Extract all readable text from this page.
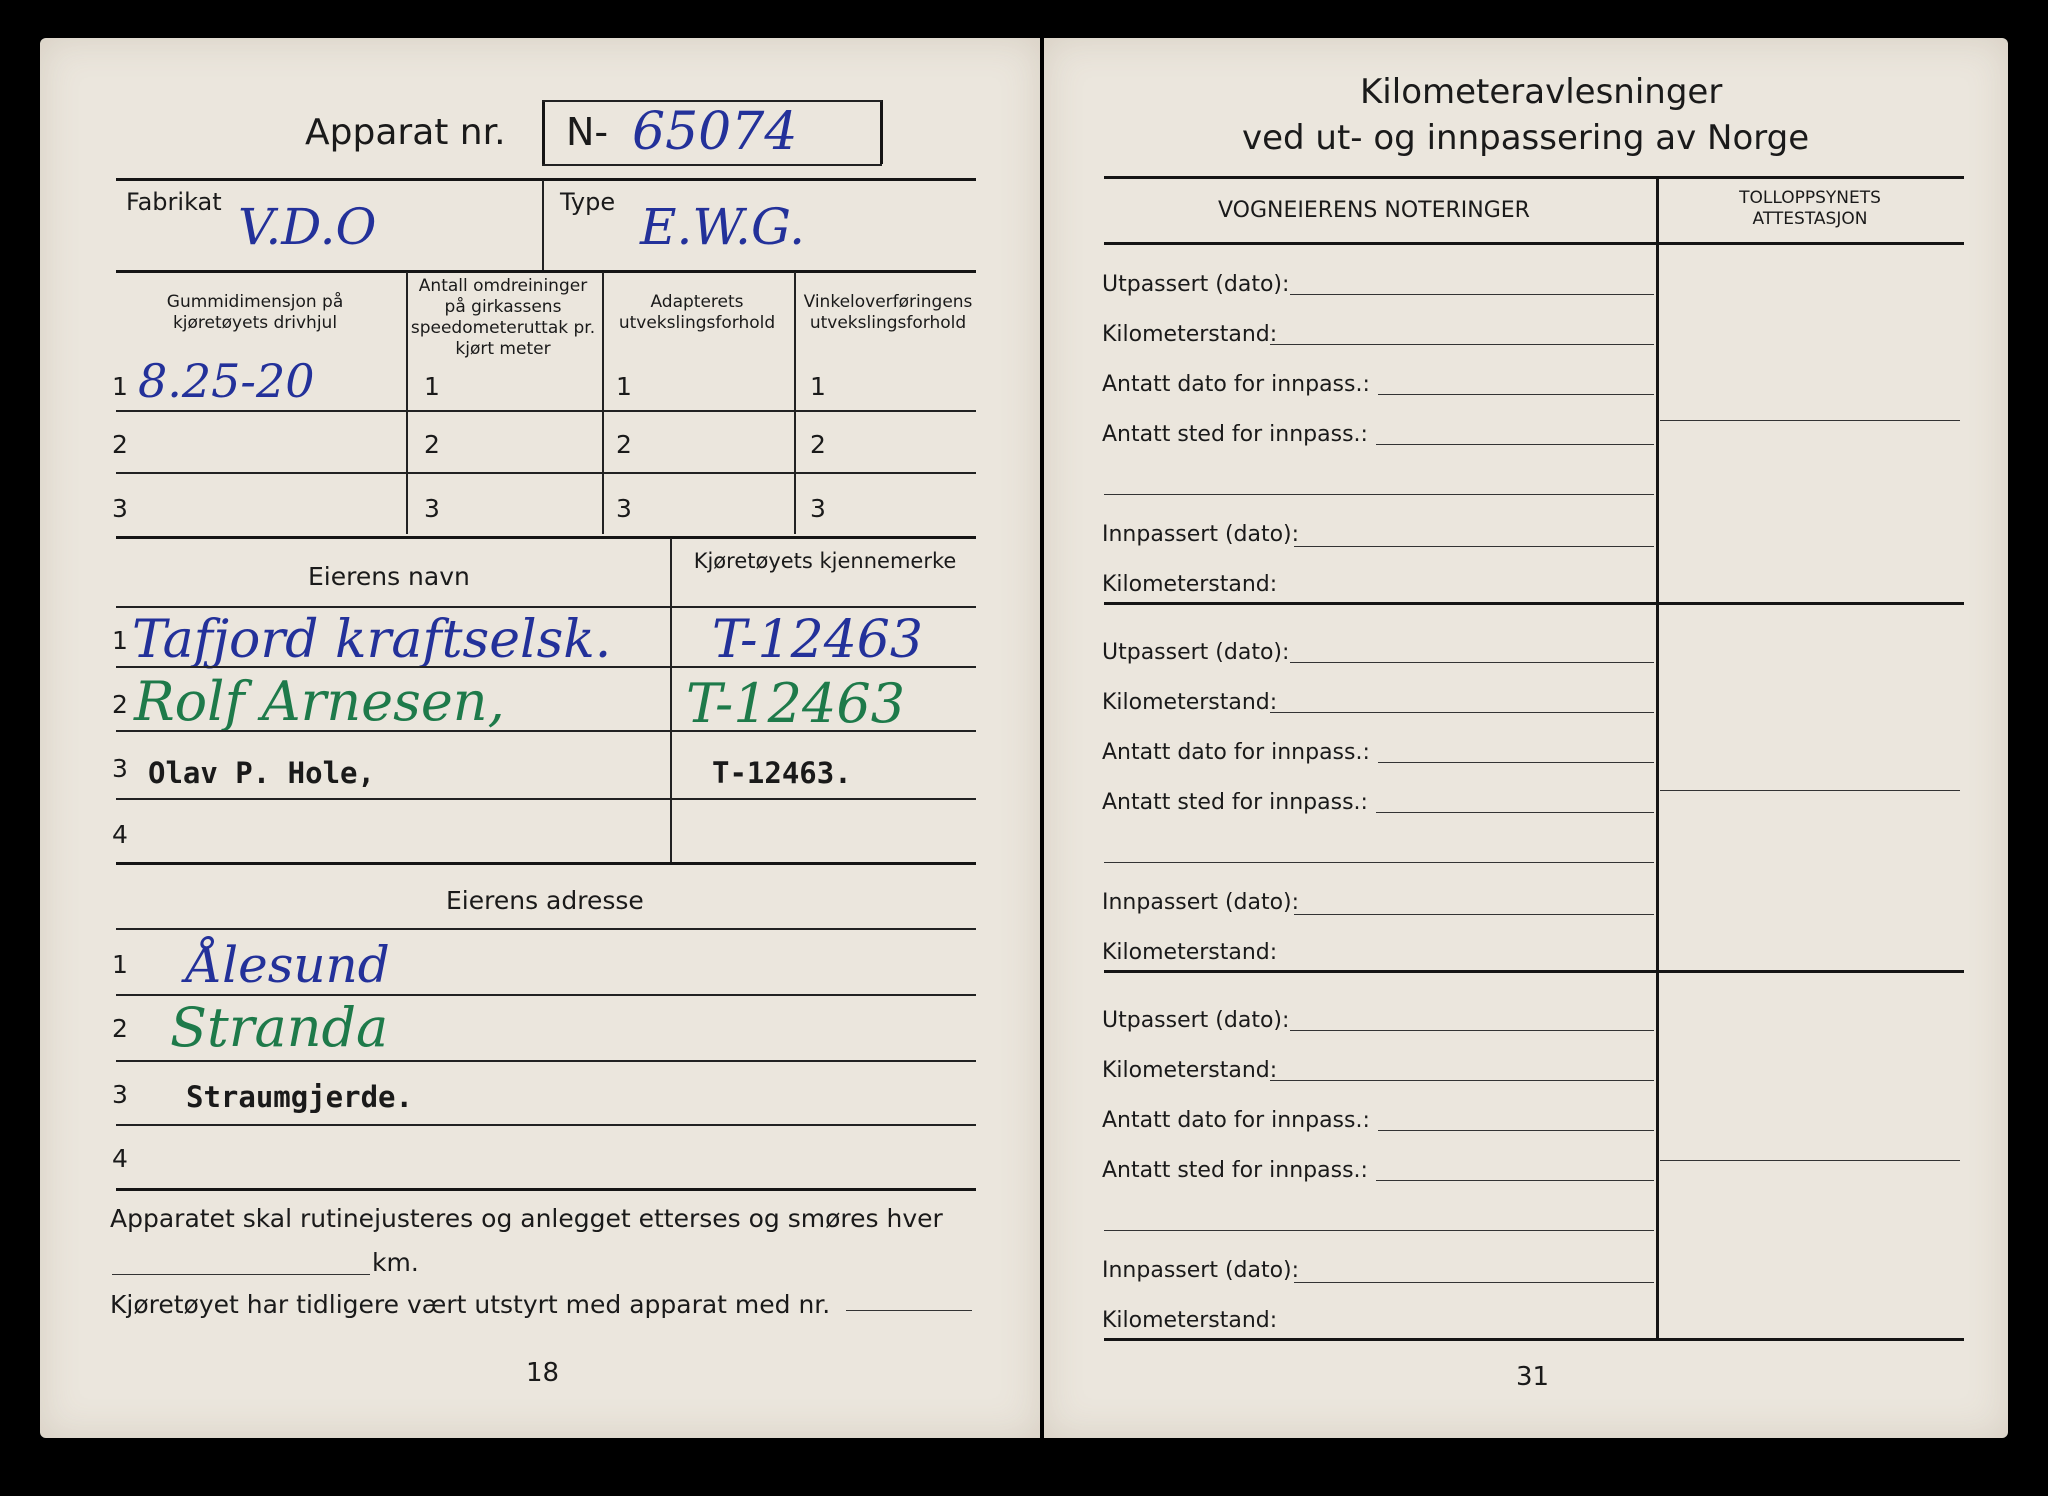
Apparat nr. N- 65074
Fabrikat V.D.O	Type E.W.G.
Gummidimensjon på kjøretøyets drivhjul
Antall omdreininger på girkassens speedometeruttak pr. kjørt meter
Adapterets utvekslingsforhold
Vinkeloverføringens utvekslingsforhold
1 8.25-20	1	1	1
2	2	2	2
3	3	3	3
Eierens navn
Kjøretøyets kjennemerke
1 Tafjord kraftselsk. T-12463
2 Rolf Arnesen,	T-12463
3 Olav P. Hole,	T-12463.
4
Eierens adresse
1 Ålesund
2 Stranda
3 Straumgjerde.
4
Apparatet skal rutinejusteres og anlegget etterses og smøres hver
km.
Kjøretøyet har tidligere vært utstyrt med apparat med nr.
18
Kilometeravlesninger
ved ut- og innpassering av Norge
VOGNEIERENS NOTERINGER	TOLLOPPSYNETS
ATTESTASJON
Utpassert (dato):
Kilometerstand:
Antatt dato for innpass.:
Antatt sted for innpass.:
Innpassert (dato):
Kilometerstand:
Utpassert (dato):
Kilometerstand:
Antatt dato for innpass.:
Antatt sted for innpass.:
Innpassert (dato):
Kilometerstand:
Utpassert (dato):
Kilometerstand:
Antatt dato for innpass.:
Antatt sted for innpass.:
Innpassert (dato):
Kilometerstand:
31
